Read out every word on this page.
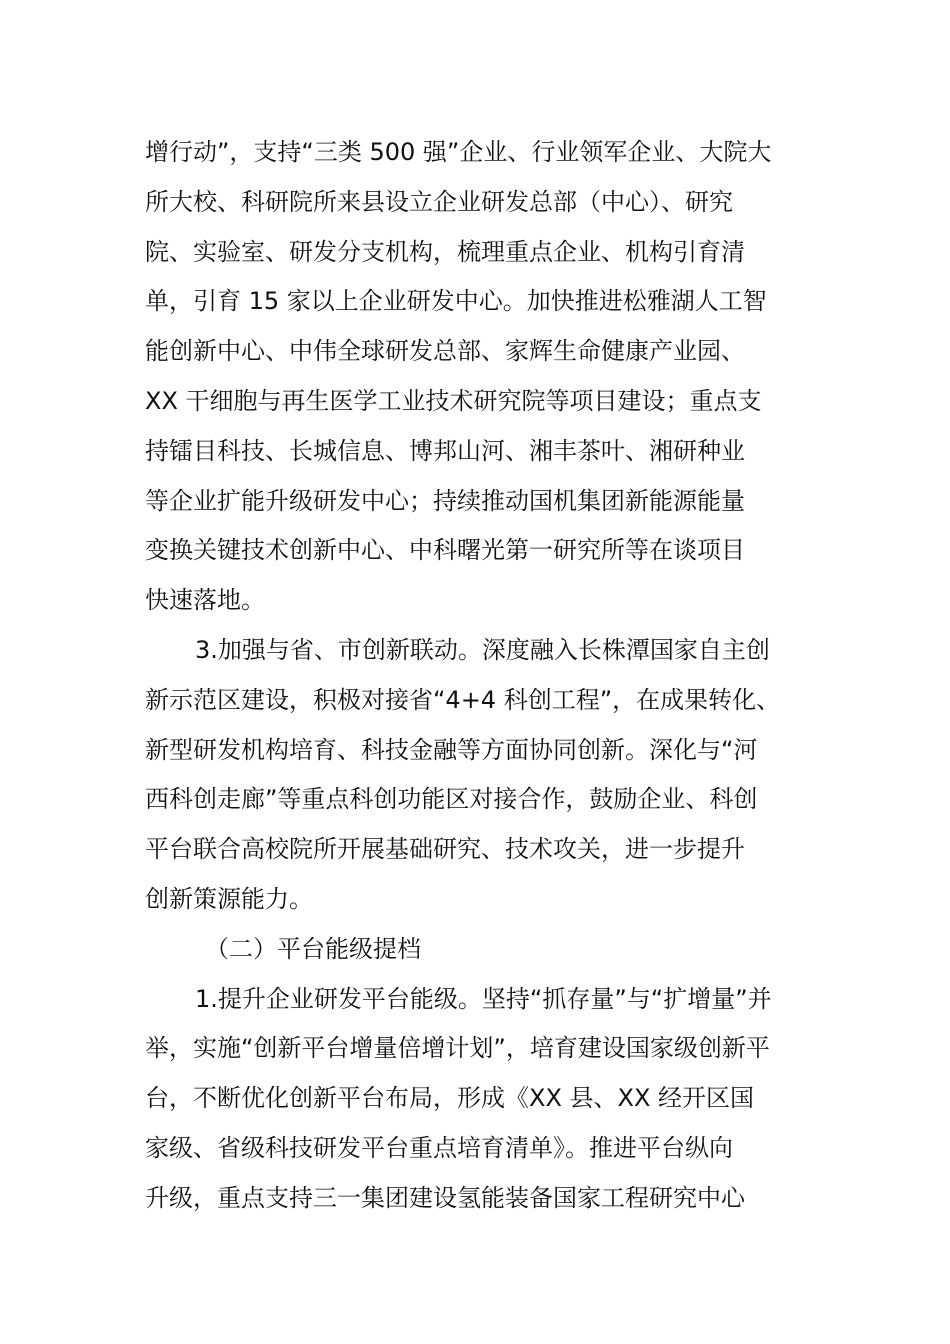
增行动”，支持“三类 500 强”企业、行业领军企业、大院大
所大校、科研院所来县设立企业研发总部（中心）、研究
院、实验室、研发分支机构，梳理重点企业、机构引育清
单，引育 15 家以上企业研发中心。加快推进松雅湖人工智
能创新中心、中伟全球研发总部、家辉生命健康产业园、
XX 干细胞与再生医学工业技术研究院等项目建设；重点支
持镭目科技、长城信息、博邦山河、湘丰茶叶、湘研种业
等企业扩能升级研发中心；持续推动国机集团新能源能量
变换关键技术创新中心、中科曙光第一研究所等在谈项目
快速落地。
3.加强与省、市创新联动。深度融入长株潭国家自主创
新示范区建设，积极对接省“4+4 科创工程”，在成果转化、
新型研发机构培育、科技金融等方面协同创新。深化与“河
西科创走廊”等重点科创功能区对接合作，鼓励企业、科创
平台联合高校院所开展基础研究、技术攻关，进一步提升
创新策源能力。
（二）平台能级提档
1.提升企业研发平台能级。坚持“抓存量”与“扩增量”并
举，实施“创新平台增量倍增计划”，培育建设国家级创新平
台，不断优化创新平台布局，形成《XX 县、XX 经开区国
家级、省级科技研发平台重点培育清单》。推进平台纵向
升级，重点支持三一集团建设氢能装备国家工程研究中心
